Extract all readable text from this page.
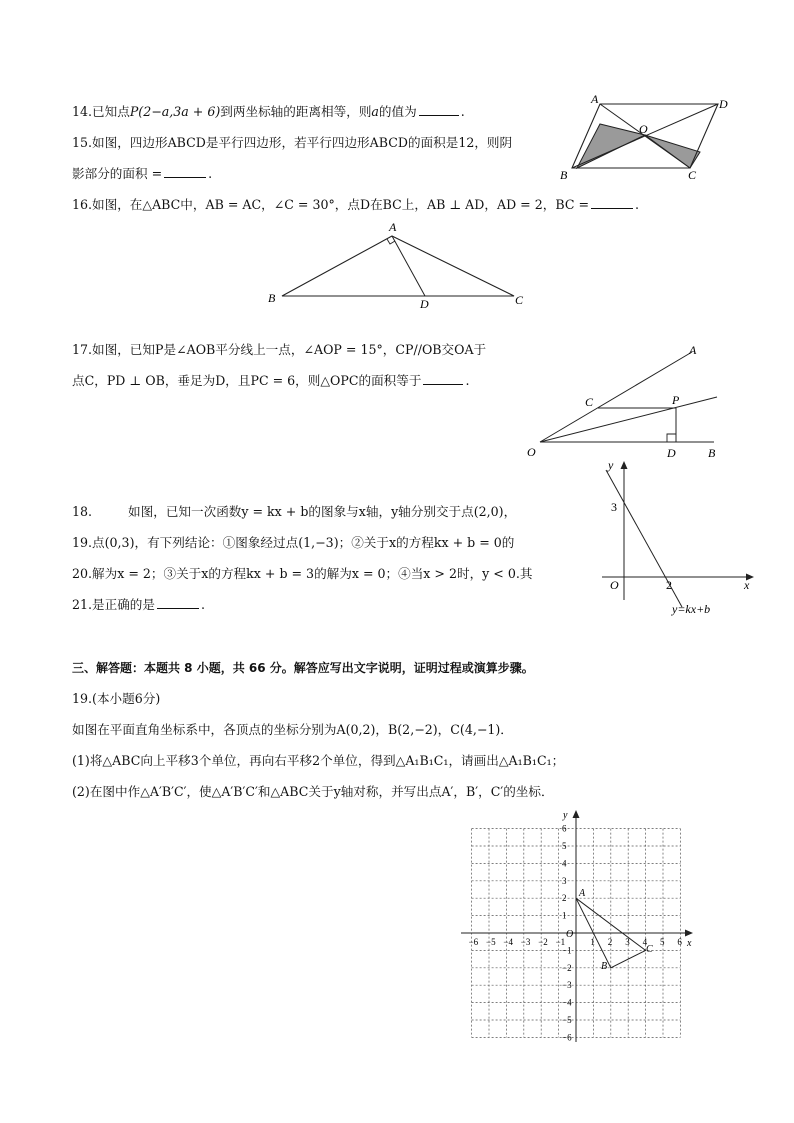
14.已知点P(2−a,3a + 6)到两坐标轴的距离相等，则a的值为	.
15.如图，四边形ABCD是平行四边形，若平行四边形ABCD的面积是12，则阴
影部分的面积 =	.
16.如图，在△ABC中，AB = AC，∠C = 30°，点D在BC上，AB ⊥ AD，AD = 2，BC =	.
17.如图，已知P是∠AOB平分线上一点，∠AOP = 15°，CP//OB交OA于
点C，PD ⊥ OB，垂足为D，且PC = 6，则△OPC的面积等于	.
18.	如图，已知一次函数y = kx + b的图象与x轴，y轴分别交于点(2,0)，
19.点(0,3)，有下列结论：①图象经过点(1,−3)；②关于x的方程kx + b = 0的
20.解为x = 2；③关于x的方程kx + b = 3的解为x = 0；④当x > 2时，y < 0.其
21.是正确的是	.
三、解答题：本题共 8 小题，共 66 分。解答应写出文字说明，证明过程或演算步骤。
19.(本小题6分)
如图在平面直角坐标系中，各顶点的坐标分别为A(0,2)，B(2,−2)，C(4,−1)．
(1)将△ABC向上平移3个单位，再向右平移2个单位，得到△A₁B₁C₁，请画出△A₁B₁C₁；
(2)在图中作△A′B′C′，使△A′B′C′和△ABC关于y轴对称，并写出点A′，B′，C′的坐标．
A	D
O
B	C
A
B	D	C
A
C	P
O	D	B
y
x
3
O	2
y=kx+b
−6 −5 −4 −3 −2 −1	1 2 3 4 5 6
6
5
4
3
2
1
−1
−2
−3
−4
−5
−6
y
x
O
A
B
C
